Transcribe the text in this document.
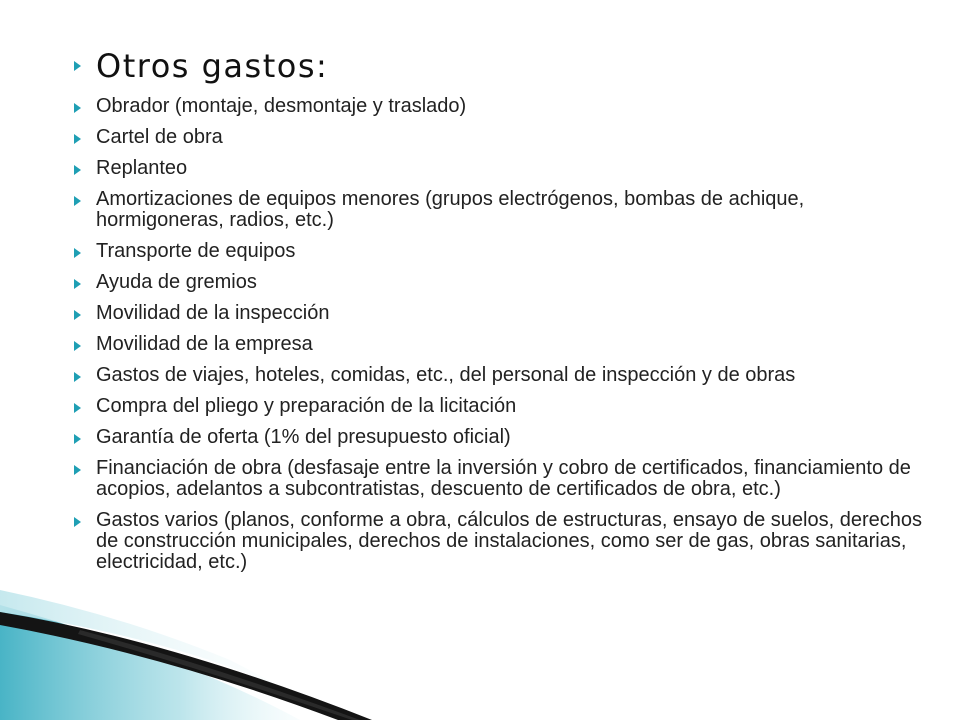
Otros gastos:
Obrador (montaje, desmontaje y traslado)
Cartel de obra
Replanteo
Amortizaciones de equipos menores (grupos electrógenos, bombas de achique, hormigoneras, radios, etc.)
Transporte de equipos
Ayuda de gremios
Movilidad de la inspección
Movilidad de la empresa
Gastos de viajes, hoteles, comidas, etc., del personal de inspección y de obras
Compra del pliego y preparación de la licitación
Garantía de oferta (1% del presupuesto oficial)
Financiación de obra (desfasaje entre la inversión y cobro de certificados, financiamiento de acopios, adelantos a subcontratistas, descuento de certificados de obra, etc.)
Gastos varios (planos, conforme a obra, cálculos de estructuras, ensayo de suelos, derechos de construcción municipales, derechos de instalaciones, como ser de gas, obras sanitarias, electricidad, etc.)
